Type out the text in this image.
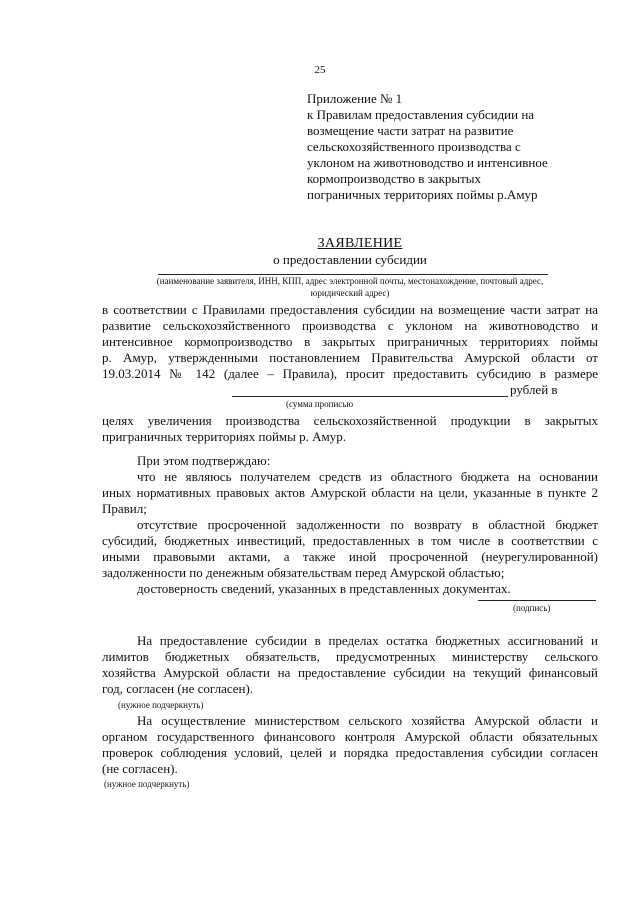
25
Приложение № 1
к Правилам предоставления субсидии на
возмещение части затрат на развитие
сельскохозяйственного производства с
уклоном на животноводство и интенсивное
кормопроизводство в закрытых
пограничных территориях поймы р.Амур
ЗАЯВЛЕНИЕ
о предоставлении субсидии
(наименование заявителя, ИНН, КПП, адрес электронной почты, местонахождение, почтовый адрес,
юридический адрес)
в соответствии с Правилами предоставления субсидии на возмещение части затрат на
развитие сельскохозяйственного производства с уклоном на животноводство и
интенсивное кормопроизводство в закрытых приграничных территориях поймы
р. Амур, утвержденными постановлением Правительства Амурской области от
19.03.2014 № 142 (далее – Правила), просит предоставить субсидию в размере
рублей в
(сумма прописью
целях увеличения производства сельскохозяйственной продукции в закрытых
приграничных территориях поймы р. Амур.
При этом подтверждаю:
что не являюсь получателем средств из областного бюджета на основании
иных нормативных правовых актов Амурской области на цели, указанные в пункте 2
Правил;
отсутствие просроченной задолженности по возврату в областной бюджет
субсидий, бюджетных инвестиций, предоставленных в том числе в соответствии с
иными правовыми актами, а также иной просроченной (неурегулированной)
задолженности по денежным обязательствам перед Амурской областью;
достоверность сведений, указанных в представленных документах.
(подпись)
На предоставление субсидии в пределах остатка бюджетных ассигнований и
лимитов бюджетных обязательств, предусмотренных министерству сельского
хозяйства Амурской области на предоставление субсидии на текущий финансовый
год, согласен (не согласен).
(нужное подчеркнуть)
На осуществление министерством сельского хозяйства Амурской области и
органом государственного финансового контроля Амурской области обязательных
проверок соблюдения условий, целей и порядка предоставления субсидии согласен
(не согласен).
(нужное подчеркнуть)
